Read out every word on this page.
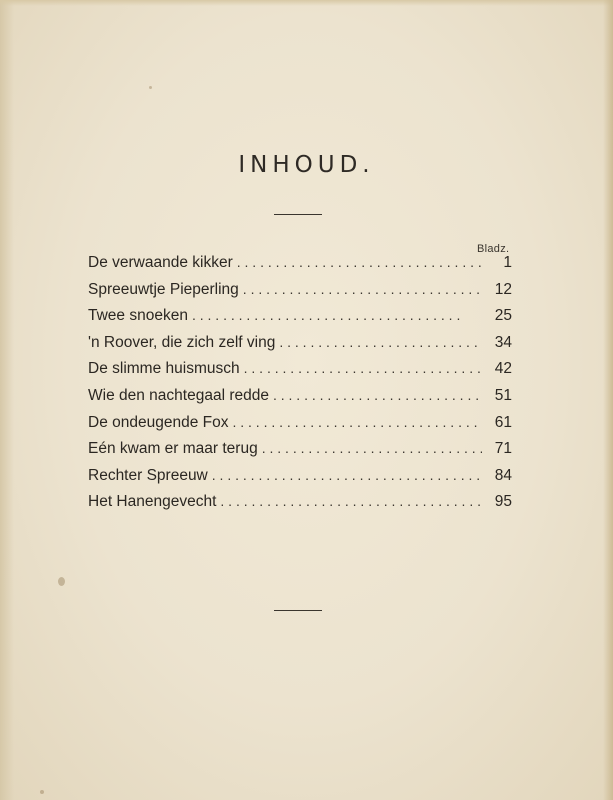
INHOUD.
Bladz.
De verwaande kikker . . .	1
Spreeuwtje Pieperling . . .	12
Twee snoeken . . .	25
'n Roover, die zich zelf ving . . .	34
De slimme huismusch . . .	42
Wie den nachtegaal redde . . .	51
De ondeugende Fox . . .	61
Eén kwam er maar terug . . .	71
Rechter Spreeuw . . .	84
Het Hanengevecht . . .	95
